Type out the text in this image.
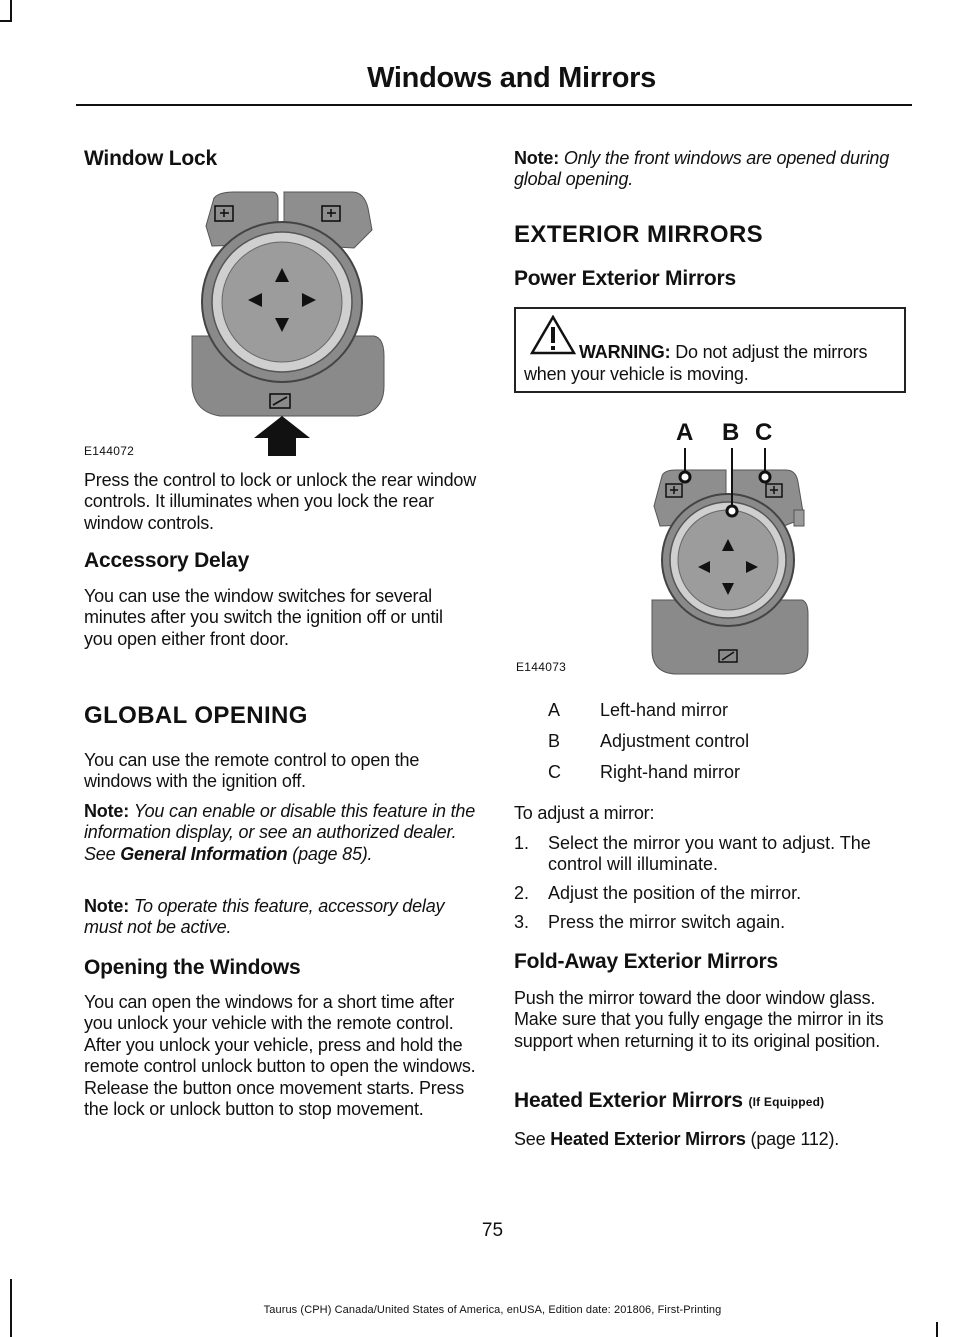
Windows and Mirrors
Window Lock
E144072

Press the control to lock or unlock the rear window controls. It illuminates when you lock the rear window controls.

Accessory Delay

You can use the window switches for several minutes after you switch the ignition off or until you open either front door.

GLOBAL OPENING

You can use the remote control to open the windows with the ignition off.

Note: You can enable or disable this feature in the information display, or see an authorized dealer. See General Information (page 85).

Note: To operate this feature, accessory delay must not be active.

Opening the Windows

You can open the windows for a short time after you unlock your vehicle with the remote control. After you unlock your vehicle, press and hold the remote control unlock button to open the windows. Release the button once movement starts. Press the lock or unlock button to stop movement.

Note: Only the front windows are opened during global opening.

EXTERIOR MIRRORS
Power Exterior Mirrors
WARNING: Do not adjust the mirrors when your vehicle is moving.
A B C
E144073
A Left-hand mirror
B Adjustment control
C Right-hand mirror

To adjust a mirror:

1. Select the mirror you want to adjust. The control will illuminate.
2. Adjust the position of the mirror.
3. Press the mirror switch again.
Fold-Away Exterior Mirrors

Push the mirror toward the door window glass. Make sure that you fully engage the mirror in its support when returning it to its original position.

Heated Exterior Mirrors (If Equipped)

See Heated Exterior Mirrors (page 112).

75
Taurus (CPH) Canada/United States of America, enUSA, Edition date: 201806, First-Printing
